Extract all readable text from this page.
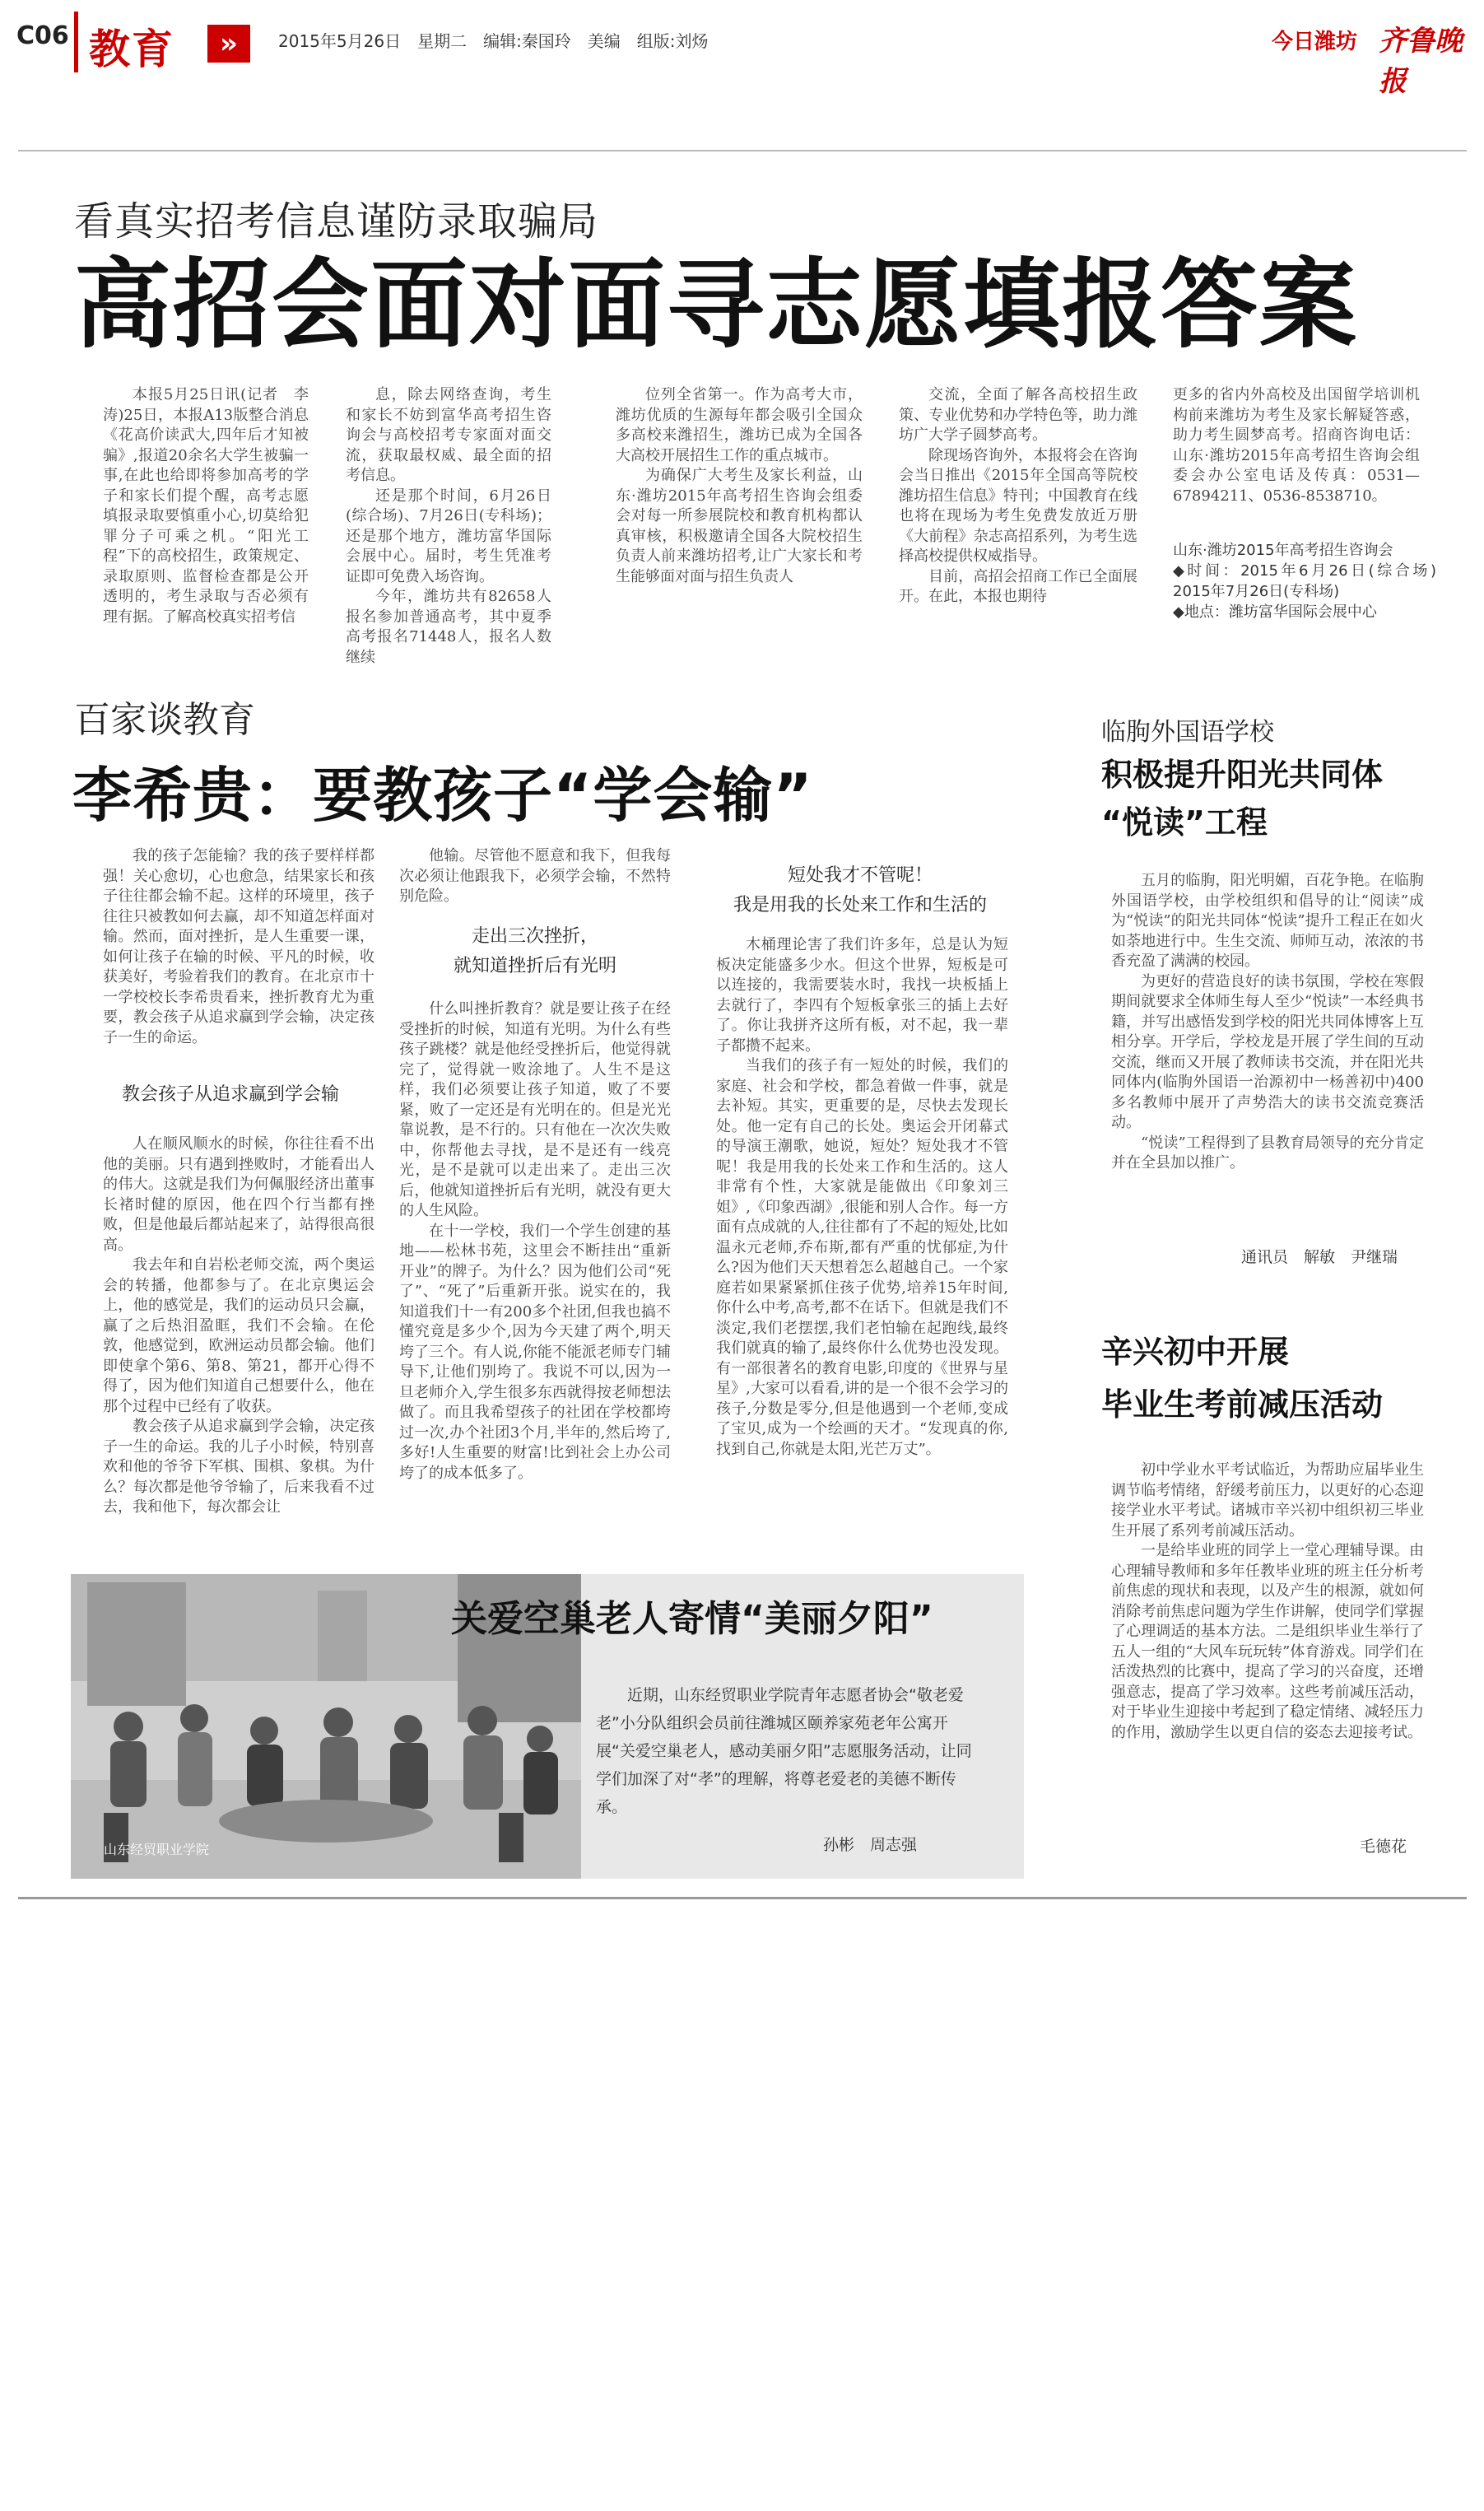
C06 教育	»	2015年5月26日　星期二　编辑:秦国玲　美编　组版:刘炀	今日潍坊 齐鲁晚报
看真实招考信息谨防录取骗局
高招会面对面寻志愿填报答案

本报5月25日讯(记者　李涛)25日，本报A13版整合消息《花高价读武大,四年后才知被骗》,报道20余名大学生被骗一事,在此也给即将参加高考的学子和家长们提个醒，高考志愿填报录取要慎重小心,切莫给犯罪分子可乘之机。“阳光工程”下的高校招生，政策规定、录取原则、监督检查都是公开透明的，考生录取与否必须有理有据。了解高校真实招考信

息，除去网络查询，考生和家长不妨到富华高考招生咨询会与高校招考专家面对面交流，获取最权威、最全面的招考信息。

还是那个时间，6月26日(综合场)、7月26日(专科场)；还是那个地方，潍坊富华国际会展中心。届时，考生凭准考证即可免费入场咨询。

今年，潍坊共有82658人报名参加普通高考，其中夏季高考报名71448人，报名人数继续

位列全省第一。作为高考大市，潍坊优质的生源每年都会吸引全国众多高校来潍招生，潍坊已成为全国各大高校开展招生工作的重点城市。

为确保广大考生及家长利益，山东·潍坊2015年高考招生咨询会组委会对每一所参展院校和教育机构都认真审核，积极邀请全国各大院校招生负责人前来潍坊招考,让广大家长和考生能够面对面与招生负责人

交流，全面了解各高校招生政策、专业优势和办学特色等，助力潍坊广大学子圆梦高考。

除现场咨询外，本报将会在咨询会当日推出《2015年全国高等院校潍坊招生信息》特刊；中国教育在线也将在现场为考生免费发放近万册《大前程》杂志高招系列，为考生选择高校提供权威指导。

目前，高招会招商工作已全面展开。在此，本报也期待

更多的省内外高校及出国留学培训机构前来潍坊为考生及家长解疑答惑，助力考生圆梦高考。招商咨询电话：山东·潍坊2015年高考招生咨询会组委会办公室电话及传真：0531—67894211、0536-8538710。

山东·潍坊2015年高考招生咨询会

◆时间：2015年6月26日(综合场)　2015年7月26日(专科场)

◆地点：潍坊富华国际会展中心

百家谈教育
李希贵：要教孩子“学会输”

我的孩子怎能输？我的孩子要样样都强！关心愈切，心也愈急，结果家长和孩子往往都会输不起。这样的环境里，孩子往往只被教如何去赢，却不知道怎样面对输。然而，面对挫折，是人生重要一课，如何让孩子在输的时候、平凡的时候，收获美好，考验着我们的教育。在北京市十一学校校长李希贵看来，挫折教育尤为重要，教会孩子从追求赢到学会输，决定孩子一生的命运。

教会孩子从追求赢到学会输

人在顺风顺水的时候，你往往看不出他的美丽。只有遇到挫败时，才能看出人的伟大。这就是我们为何佩服经济出董事长褚时健的原因，他在四个行当都有挫败，但是他最后都站起来了，站得很高很高。

我去年和自岩松老师交流，两个奥运会的转播，他都参与了。在北京奥运会上，他的感觉是，我们的运动员只会赢，赢了之后热泪盈眶，我们不会输。在伦敦，他感觉到，欧洲运动员都会输。他们即使拿个第6、第8、第21，都开心得不得了，因为他们知道自己想要什么，他在那个过程中已经有了收获。

教会孩子从追求赢到学会输，决定孩子一生的命运。我的儿子小时候，特别喜欢和他的爷爷下军棋、围棋、象棋。为什么？每次都是他爷爷输了，后来我看不过去，我和他下，每次都会让

他输。尽管他不愿意和我下，但我每次必须让他跟我下，必须学会输，不然特别危险。

走出三次挫折，
就知道挫折后有光明

什么叫挫折教育？就是要让孩子在经受挫折的时候，知道有光明。为什么有些孩子跳楼？就是他经受挫折后，他觉得就完了，觉得就一败涂地了。人生不是这样，我们必须要让孩子知道，败了不要紧，败了一定还是有光明在的。但是光光靠说教，是不行的。只有他在一次次失败中，你帮他去寻找，是不是还有一线亮光，是不是就可以走出来了。走出三次后，他就知道挫折后有光明，就没有更大的人生风险。

在十一学校，我们一个学生创建的基地——松林书苑，这里会不断挂出“重新开业”的牌子。为什么？因为他们公司“死了”、“死了”后重新开张。说实在的，我知道我们十一有200多个社团,但我也搞不懂究竟是多少个,因为今天建了两个,明天垮了三个。有人说,你能不能派老师专门辅导下,让他们别垮了。我说不可以,因为一旦老师介入,学生很多东西就得按老师想法做了。而且我希望孩子的社团在学校都垮过一次,办个社团3个月,半年的,然后垮了,多好!人生重要的财富!比到社会上办公司垮了的成本低多了。

短处我才不管呢！
我是用我的长处来工作和生活的

木桶理论害了我们许多年，总是认为短板决定能盛多少水。但这个世界，短板是可以连接的，我需要装水时，我找一块板插上去就行了，李四有个短板拿张三的插上去好了。你让我拼齐这所有板，对不起，我一辈子都攒不起来。

当我们的孩子有一短处的时候，我们的家庭、社会和学校，都急着做一件事，就是去补短。其实，更重要的是，尽快去发现长处。他一定有自己的长处。奥运会开闭幕式的导演王潮歌，她说，短处？短处我才不管呢！我是用我的长处来工作和生活的。这人非常有个性，大家就是能做出《印象刘三姐》,《印象西湖》,很能和别人合作。每一方面有点成就的人,往往都有了不起的短处,比如温永元老师,乔布斯,都有严重的忧郁症,为什么?因为他们天天想着怎么超越自己。一个家庭若如果紧紧抓住孩子优势,培养15年时间,你什么中考,高考,都不在话下。但就是我们不淡定,我们老摆摆,我们老怕输在起跑线,最终我们就真的输了,最终你什么优势也没发现。有一部很著名的教育电影,印度的《世界与星星》,大家可以看看,讲的是一个很不会学习的孩子,分数是零分,但是他遇到一个老师,变成了宝贝,成为一个绘画的天才。“发现真的你,找到自己,你就是太阳,光芒万丈”。

临朐外国语学校
积极提升阳光共同体
“悦读”工程

五月的临朐，阳光明媚，百花争艳。在临朐外国语学校，由学校组织和倡导的让“阅读”成为“悦读”的阳光共同体“悦读”提升工程正在如火如荼地进行中。生生交流、师师互动，浓浓的书香充盈了满满的校园。

为更好的营造良好的读书氛围，学校在寒假期间就要求全体师生每人至少“悦读”一本经典书籍，并写出感悟发到学校的阳光共同体博客上互相分享。开学后，学校龙是开展了学生间的互动交流，继而又开展了教师读书交流，并在阳光共同体内(临朐外国语一治源初中一杨善初中)400多名教师中展开了声势浩大的读书交流竞赛活动。

“悦读”工程得到了县教育局领导的充分肯定并在全县加以推广。

通讯员　解敏　尹继瑞
辛兴初中开展
毕业生考前减压活动

初中学业水平考试临近，为帮助应届毕业生调节临考情绪，舒缓考前压力，以更好的心态迎接学业水平考试。诸城市辛兴初中组织初三毕业生开展了系列考前减压活动。

一是给毕业班的同学上一堂心理辅导课。由心理辅导教师和多年任教毕业班的班主任分析考前焦虑的现状和表现，以及产生的根源，就如何消除考前焦虑问题为学生作讲解，使同学们掌握了心理调适的基本方法。二是组织毕业生举行了五人一组的“大风车玩玩转”体育游戏。同学们在活泼热烈的比赛中，提高了学习的兴奋度，还增强意志，提高了学习效率。这些考前减压活动，对于毕业生迎接中考起到了稳定情绪、减轻压力的作用，激励学生以更自信的姿态去迎接考试。

毛德花
山东经贸职业学院
关爱空巢老人寄情“美丽夕阳”
近期，山东经贸职业学院青年志愿者协会“敬老爱老”小分队组织会员前往潍城区颐养家苑老年公寓开展“关爱空巢老人，感动美丽夕阳”志愿服务活动，让同学们加深了对“孝”的理解，将尊老爱老的美德不断传承。
孙彬　周志强
